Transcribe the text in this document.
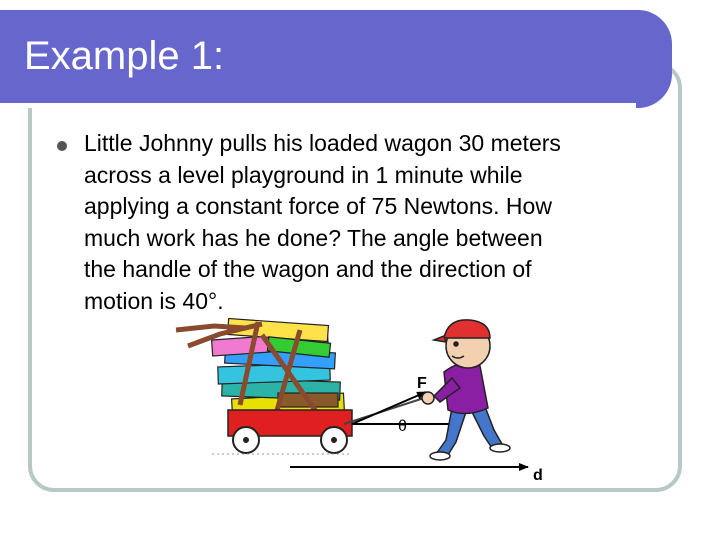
Example 1:
Little Johnny pulls his loaded wagon 30 meters
across a level playground in 1 minute while
applying a constant force of 75 Newtons. How
much work has he done? The angle between
the handle of the wagon and the direction of
motion is 40°.
F
θ
d
